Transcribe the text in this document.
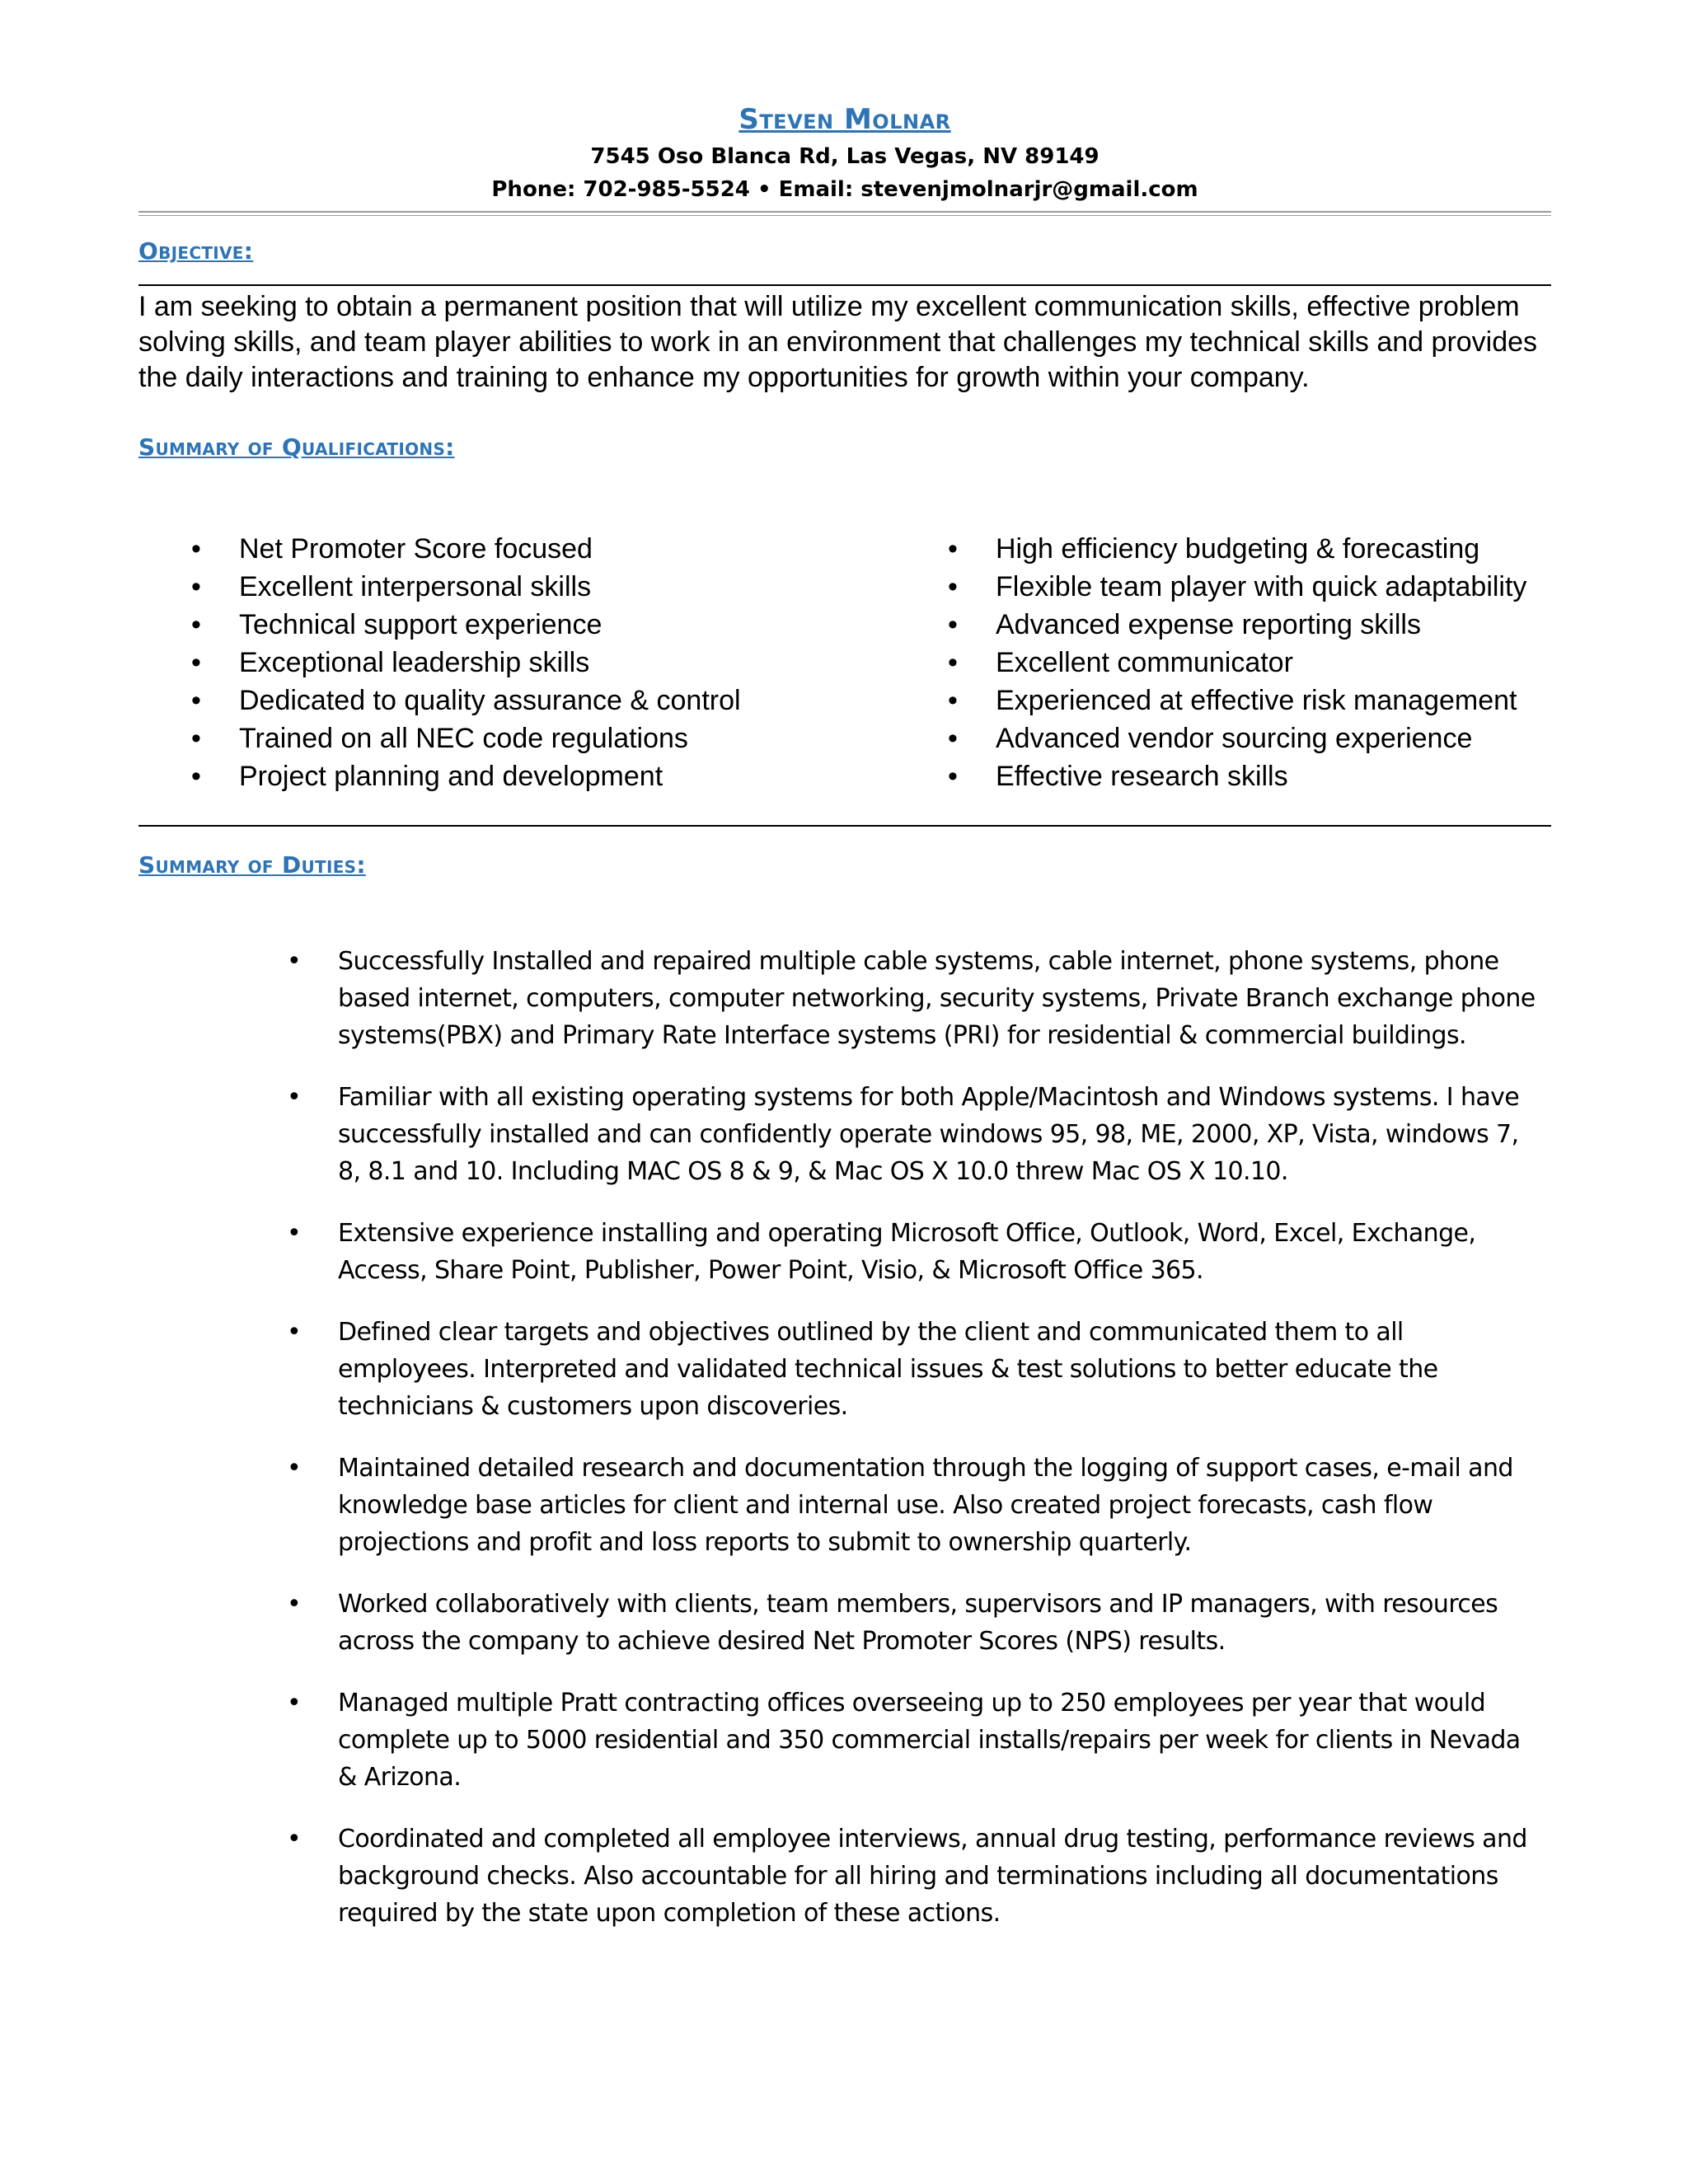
Steven Molnar
7545 Oso Blanca Rd, Las Vegas, NV 89149
Phone: 702-985-5524 • Email: stevenjmolnarjr@gmail.com
Objective:

I am seeking to obtain a permanent position that will utilize my excellent communication skills, effective problem solving skills, and team player abilities to work in an environment that challenges my technical skills and provides the daily interactions and training to enhance my opportunities for growth within your company.

Summary of Qualifications:
• Net Promoter Score focused
• Excellent interpersonal skills
• Technical support experience
• Exceptional leadership skills
• Dedicated to quality assurance & control
• Trained on all NEC code regulations
• Project planning and development
• High efficiency budgeting & forecasting
• Flexible team player with quick adaptability
• Advanced expense reporting skills
• Excellent communicator
• Experienced at effective risk management
• Advanced vendor sourcing experience
• Effective research skills
Summary of Duties:
• Successfully Installed and repaired multiple cable systems, cable internet, phone systems, phone based internet, computers, computer networking, security systems, Private Branch exchange phone systems(PBX) and Primary Rate Interface systems (PRI) for residential & commercial buildings.
• Familiar with all existing operating systems for both Apple/Macintosh and Windows systems. I have successfully installed and can confidently operate windows 95, 98, ME, 2000, XP, Vista, windows 7, 8, 8.1 and 10. Including MAC OS 8 & 9, & Mac OS X 10.0 threw Mac OS X 10.10.
• Extensive experience installing and operating Microsoft Office, Outlook, Word, Excel, Exchange, Access, Share Point, Publisher, Power Point, Visio, & Microsoft Office 365.
• Defined clear targets and objectives outlined by the client and communicated them to all employees. Interpreted and validated technical issues & test solutions to better educate the technicians & customers upon discoveries.
• Maintained detailed research and documentation through the logging of support cases, e-mail and knowledge base articles for client and internal use. Also created project forecasts, cash flow projections and profit and loss reports to submit to ownership quarterly.
• Worked collaboratively with clients, team members, supervisors and IP managers, with resources across the company to achieve desired Net Promoter Scores (NPS) results.
• Managed multiple Pratt contracting offices overseeing up to 250 employees per year that would complete up to 5000 residential and 350 commercial installs/repairs per week for clients in Nevada & Arizona.
• Coordinated and completed all employee interviews, annual drug testing, performance reviews and background checks. Also accountable for all hiring and terminations including all documentations required by the state upon completion of these actions.
